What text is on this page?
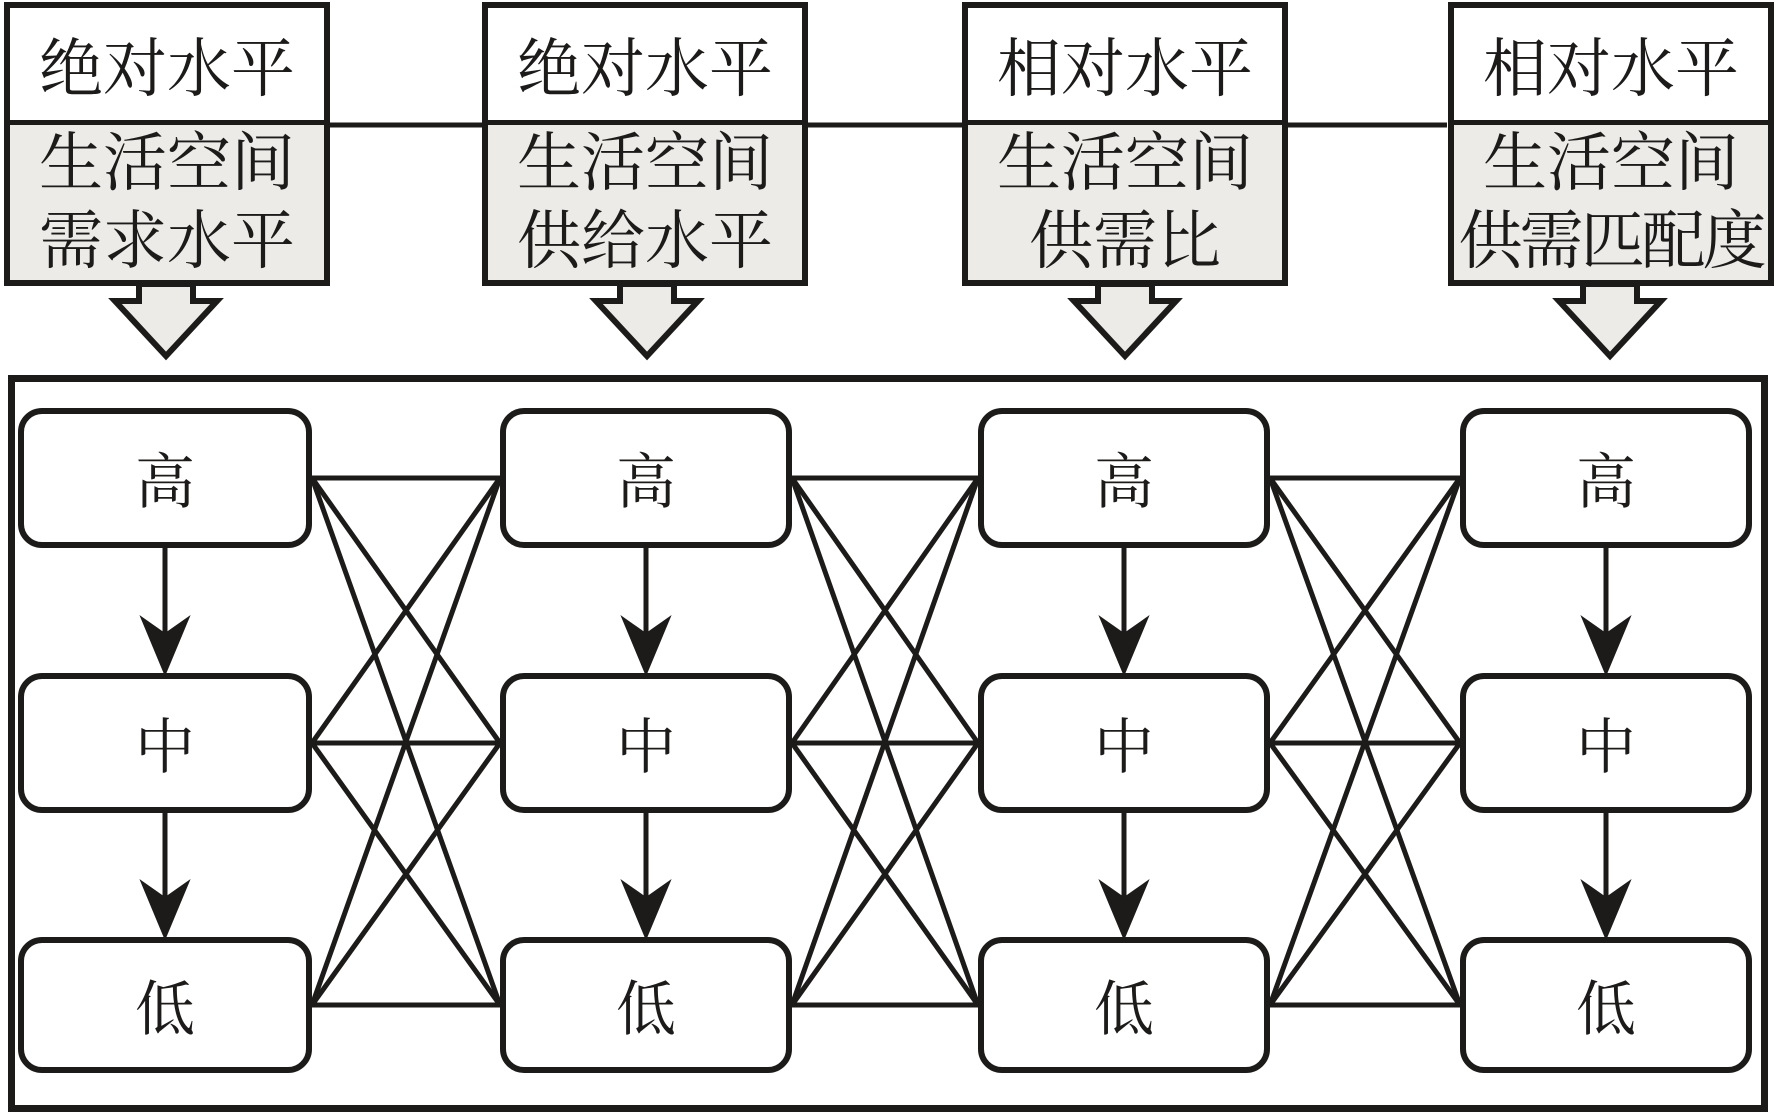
绝对水平
生活空间
需求水平
绝对水平
生活空间
供给水平
相对水平
生活空间
供需比
相对水平
生活空间
供需匹配度
高
中
低
高
中
低
高
中
低
高
中
低
